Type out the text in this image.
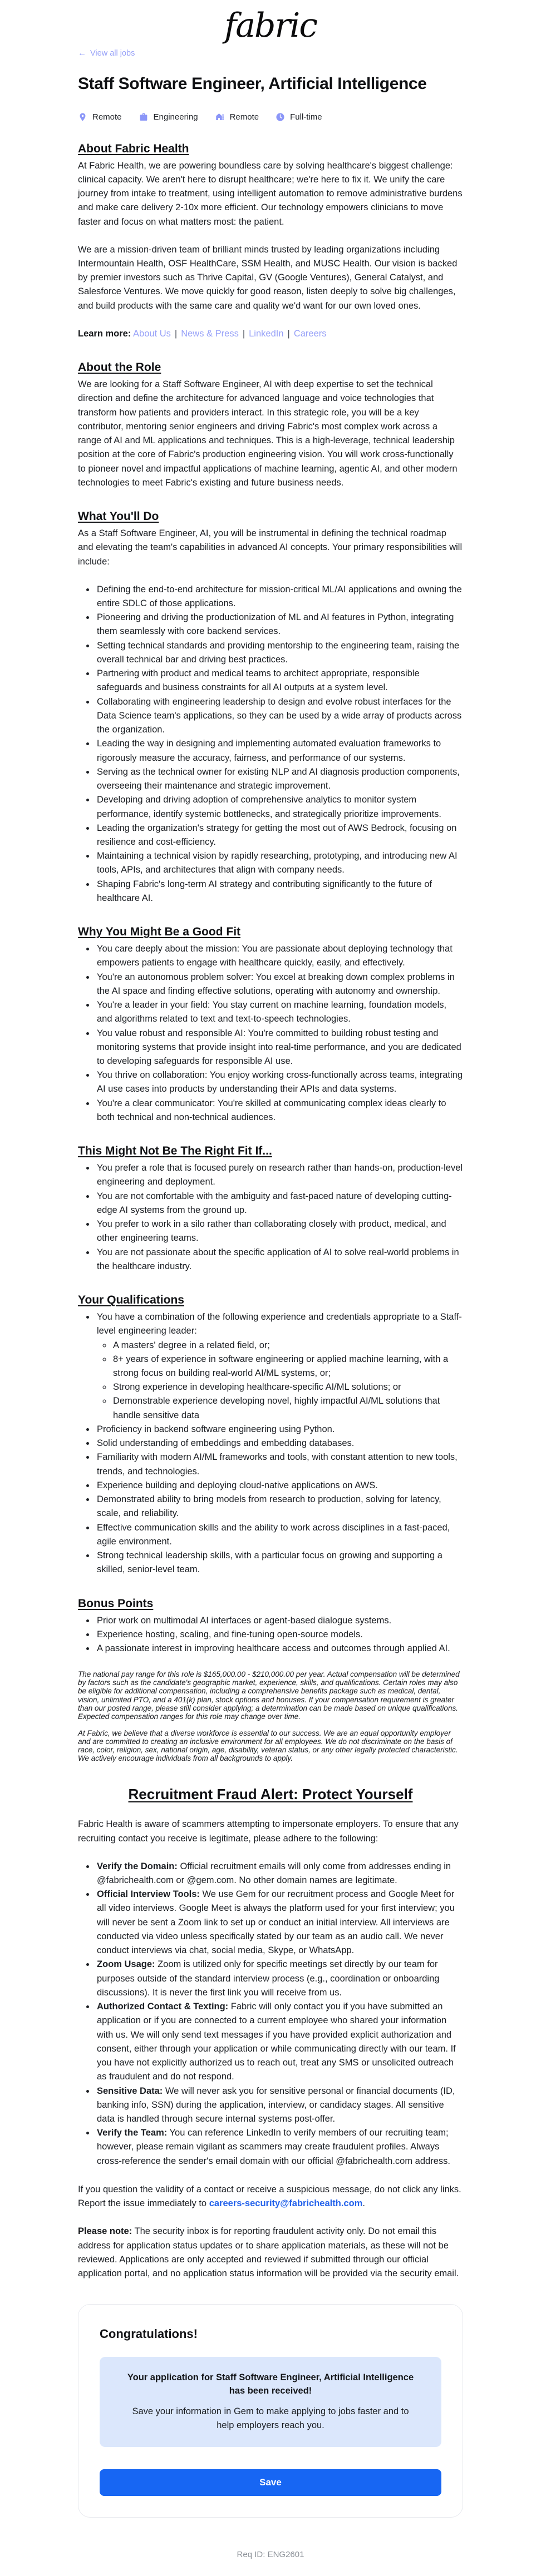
fabric
← View all jobs
Staff Software Engineer, Artificial Intelligence
Remote	Engineering	Remote	Full-time
About Fabric Health

At Fabric Health, we are powering boundless care by solving healthcare's biggest challenge: clinical capacity. We aren't here to disrupt healthcare; we're here to fix it. We unify the care journey from intake to treatment, using intelligent automation to remove administrative burdens and make care delivery 2-10x more efficient. Our technology empowers clinicians to move faster and focus on what matters most: the patient.

We are a mission-driven team of brilliant minds trusted by leading organizations including Intermountain Health, OSF HealthCare, SSM Health, and MUSC Health. Our vision is backed by premier investors such as Thrive Capital, GV (Google Ventures), General Catalyst, and Salesforce Ventures. We move quickly for good reason, listen deeply to solve big challenges, and build products with the same care and quality we'd want for our own loved ones.

Learn more: About Us | News & Press | LinkedIn | Careers

About the Role

We are looking for a Staff Software Engineer, AI with deep expertise to set the technical direction and define the architecture for advanced language and voice technologies that transform how patients and providers interact. In this strategic role, you will be a key contributor, mentoring senior engineers and driving Fabric's most complex work across a range of AI and ML applications and techniques. This is a high-leverage, technical leadership position at the core of Fabric's production engineering vision. You will work cross-functionally to pioneer novel and impactful applications of machine learning, agentic AI, and other modern technologies to meet Fabric's existing and future business needs.

What You'll Do

As a Staff Software Engineer, AI, you will be instrumental in defining the technical roadmap and elevating the team's capabilities in advanced AI concepts. Your primary responsibilities will include:

• Defining the end-to-end architecture for mission-critical ML/AI applications and owning the entire SDLC of those applications.
• Pioneering and driving the productionization of ML and AI features in Python, integrating them seamlessly with core backend services.
• Setting technical standards and providing mentorship to the engineering team, raising the overall technical bar and driving best practices.
• Partnering with product and medical teams to architect appropriate, responsible safeguards and business constraints for all AI outputs at a system level.
• Collaborating with engineering leadership to design and evolve robust interfaces for the Data Science team's applications, so they can be used by a wide array of products across the organization.
• Leading the way in designing and implementing automated evaluation frameworks to rigorously measure the accuracy, fairness, and performance of our systems.
• Serving as the technical owner for existing NLP and AI diagnosis production components, overseeing their maintenance and strategic improvement.
• Developing and driving adoption of comprehensive analytics to monitor system performance, identify systemic bottlenecks, and strategically prioritize improvements.
• Leading the organization's strategy for getting the most out of AWS Bedrock, focusing on resilience and cost-efficiency.
• Maintaining a technical vision by rapidly researching, prototyping, and introducing new AI tools, APIs, and architectures that align with company needs.
• Shaping Fabric's long-term AI strategy and contributing significantly to the future of healthcare AI.
Why You Might Be a Good Fit
• You care deeply about the mission: You are passionate about deploying technology that empowers patients to engage with healthcare quickly, easily, and effectively.
• You're an autonomous problem solver: You excel at breaking down complex problems in the AI space and finding effective solutions, operating with autonomy and ownership.
• You're a leader in your field: You stay current on machine learning, foundation models, and algorithms related to text and text-to-speech technologies.
• You value robust and responsible AI: You're committed to building robust testing and monitoring systems that provide insight into real-time performance, and you are dedicated to developing safeguards for responsible AI use.
• You thrive on collaboration: You enjoy working cross-functionally across teams, integrating AI use cases into products by understanding their APIs and data systems.
• You're a clear communicator: You're skilled at communicating complex ideas clearly to both technical and non-technical audiences.
This Might Not Be The Right Fit If...
• You prefer a role that is focused purely on research rather than hands-on, production-level engineering and deployment.
• You are not comfortable with the ambiguity and fast-paced nature of developing cutting-edge AI systems from the ground up.
• You prefer to work in a silo rather than collaborating closely with product, medical, and other engineering teams.
• You are not passionate about the specific application of AI to solve real-world problems in the healthcare industry.
Your Qualifications
• You have a combination of the following experience and credentials appropriate to a Staff-level engineering leader:
◦ A masters' degree in a related field, or;
◦ 8+ years of experience in software engineering or applied machine learning, with a strong focus on building real-world AI/ML systems, or;
◦ Strong experience in developing healthcare-specific AI/ML solutions; or
◦ Demonstrable experience developing novel, highly impactful AI/ML solutions that handle sensitive data
• Proficiency in backend software engineering using Python.
• Solid understanding of embeddings and embedding databases.
• Familiarity with modern AI/ML frameworks and tools, with constant attention to new tools, trends, and technologies.
• Experience building and deploying cloud-native applications on AWS.
• Demonstrated ability to bring models from research to production, solving for latency, scale, and reliability.
• Effective communication skills and the ability to work across disciplines in a fast-paced, agile environment.
• Strong technical leadership skills, with a particular focus on growing and supporting a skilled, senior-level team.
Bonus Points
• Prior work on multimodal AI interfaces or agent-based dialogue systems.
• Experience hosting, scaling, and fine-tuning open-source models.
• A passionate interest in improving healthcare access and outcomes through applied AI.

The national pay range for this role is $165,000.00 - $210,000.00 per year. Actual compensation will be determined by factors such as the candidate's geographic market, experience, skills, and qualifications. Certain roles may also be eligible for additional compensation, including a comprehensive benefits package such as medical, dental, vision, unlimited PTO, and a 401(k) plan, stock options and bonuses. If your compensation requirement is greater than our posted range, please still consider applying; a determination can be made based on unique qualifications. Expected compensation ranges for this role may change over time.

At Fabric, we believe that a diverse workforce is essential to our success. We are an equal opportunity employer and are committed to creating an inclusive environment for all employees. We do not discriminate on the basis of race, color, religion, sex, national origin, age, disability, veteran status, or any other legally protected characteristic. We actively encourage individuals from all backgrounds to apply.

Recruitment Fraud Alert: Protect Yourself

Fabric Health is aware of scammers attempting to impersonate employers. To ensure that any recruiting contact you receive is legitimate, please adhere to the following:

• Verify the Domain: Official recruitment emails will only come from addresses ending in @fabrichealth.com or @gem.com. No other domain names are legitimate.
• Official Interview Tools: We use Gem for our recruitment process and Google Meet for all video interviews. Google Meet is always the platform used for your first interview; you will never be sent a Zoom link to set up or conduct an initial interview. All interviews are conducted via video unless specifically stated by our team as an audio call. We never conduct interviews via chat, social media, Skype, or WhatsApp.
• Zoom Usage: Zoom is utilized only for specific meetings set directly by our team for purposes outside of the standard interview process (e.g., coordination or onboarding discussions). It is never the first link you will receive from us.
• Authorized Contact & Texting: Fabric will only contact you if you have submitted an application or if you are connected to a current employee who shared your information with us. We will only send text messages if you have provided explicit authorization and consent, either through your application or while communicating directly with our team. If you have not explicitly authorized us to reach out, treat any SMS or unsolicited outreach as fraudulent and do not respond.
• Sensitive Data: We will never ask you for sensitive personal or financial documents (ID, banking info, SSN) during the application, interview, or candidacy stages. All sensitive data is handled through secure internal systems post-offer.
• Verify the Team: You can reference LinkedIn to verify members of our recruiting team; however, please remain vigilant as scammers may create fraudulent profiles. Always cross-reference the sender's email domain with our official @fabrichealth.com address.

If you question the validity of a contact or receive a suspicious message, do not click any links. Report the issue immediately to careers-security@fabrichealth.com.

Please note: The security inbox is for reporting fraudulent activity only. Do not email this address for application status updates or to share application materials, as these will not be reviewed. Applications are only accepted and reviewed if submitted through our official application portal, and no application status information will be provided via the security email.

Congratulations!
Your application for Staff Software Engineer, Artificial Intelligence has been received!
Save your information in Gem to make applying to jobs faster and to help employers reach you.
Save
Req ID: ENG2601
